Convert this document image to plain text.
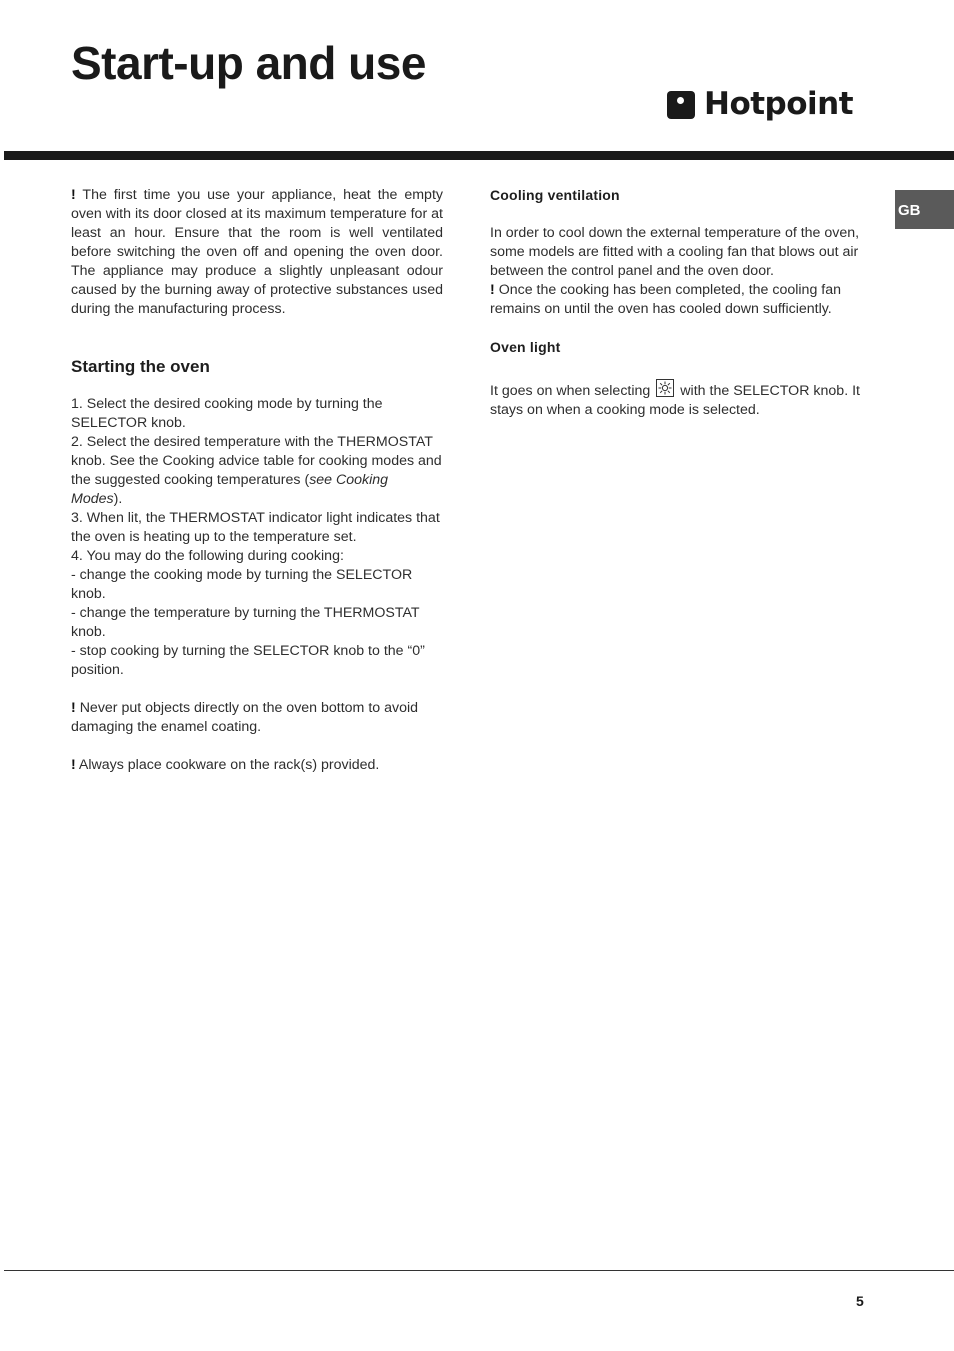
Start-up and use
Hotpoint
GB

! The first time you use your appliance, heat the empty oven with its door closed at its maximum temperature for at least an hour. Ensure that the room is well ventilated before switching the oven off and opening the oven door. The appliance may produce a slightly unpleasant odour caused by the burning away of protective substances used during the manufacturing process.

Starting the oven

1. Select the desired cooking mode by turning the SELECTOR knob.

2. Select the desired temperature with the THERMOSTAT knob. See the Cooking advice table for cooking modes and the suggested cooking temperatures (see Cooking Modes).

3. When lit, the THERMOSTAT indicator light indicates that the oven is heating up to the temperature set.

4. You may do the following during cooking:

- change the cooking mode by turning the SELECTOR knob.

- change the temperature by turning the THERMOSTAT knob.

- stop cooking by turning the SELECTOR knob to the “0” position.

! Never put objects directly on the oven bottom to avoid damaging the enamel coating.

! Always place cookware on the rack(s) provided.

Cooling ventilation

In order to cool down the external temperature of the oven, some models are fitted with a cooling fan that blows out air between the control panel and the oven door.

! Once the cooking has been completed, the cooling fan remains on until the oven has cooled down sufficiently.

Oven light

It goes on when selecting with the SELECTOR knob. It stays on when a cooking mode is selected.

5
